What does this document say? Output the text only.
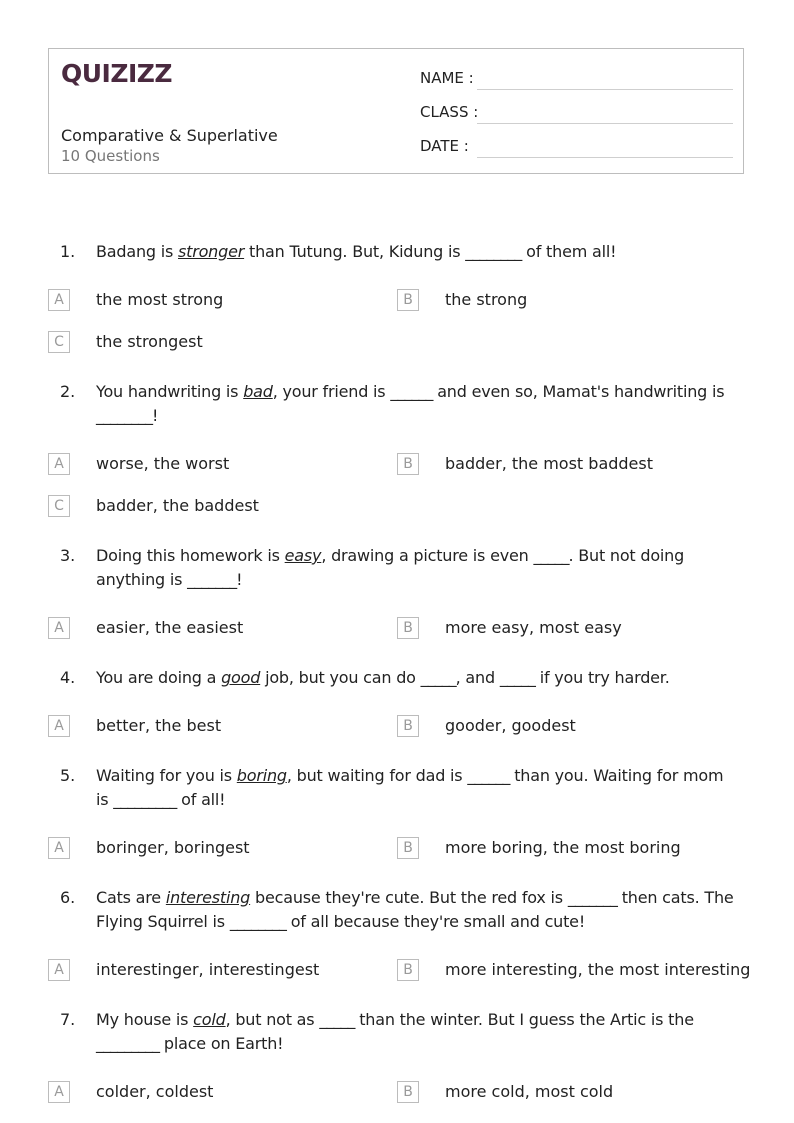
QUIZIZZ
Comparative & Superlative
10 Questions
NAME :
CLASS :
DATE :
1. Badang is stronger than Tutung. But, Kidung is ________ of them all!
A	the most strong	B	the strong
C	the strongest
2. You handwriting is bad, your friend is ______ and even so, Mamat's handwriting is ________!
A	worse, the worst	B	badder, the most baddest
C	badder, the baddest
3. Doing this homework is easy, drawing a picture is even _____. But not doing anything is _______!
A	easier, the easiest	B	more easy, most easy
4. You are doing a good job, but you can do _____, and _____ if you try harder.
A	better, the best	B	gooder, goodest
5. Waiting for you is boring, but waiting for dad is ______ than you. Waiting for mom is _________ of all!
A	boringer, boringest	B	more boring, the most boring
6. Cats are interesting because they're cute. But the red fox is _______ then cats. The Flying Squirrel is ________ of all because they're small and cute!
A	interestinger, interestingest	B	more interesting, the most interesting
7. My house is cold, but not as _____ than the winter. But I guess the Artic is the _________ place on Earth!
A	colder, coldest	B	more cold, most cold
